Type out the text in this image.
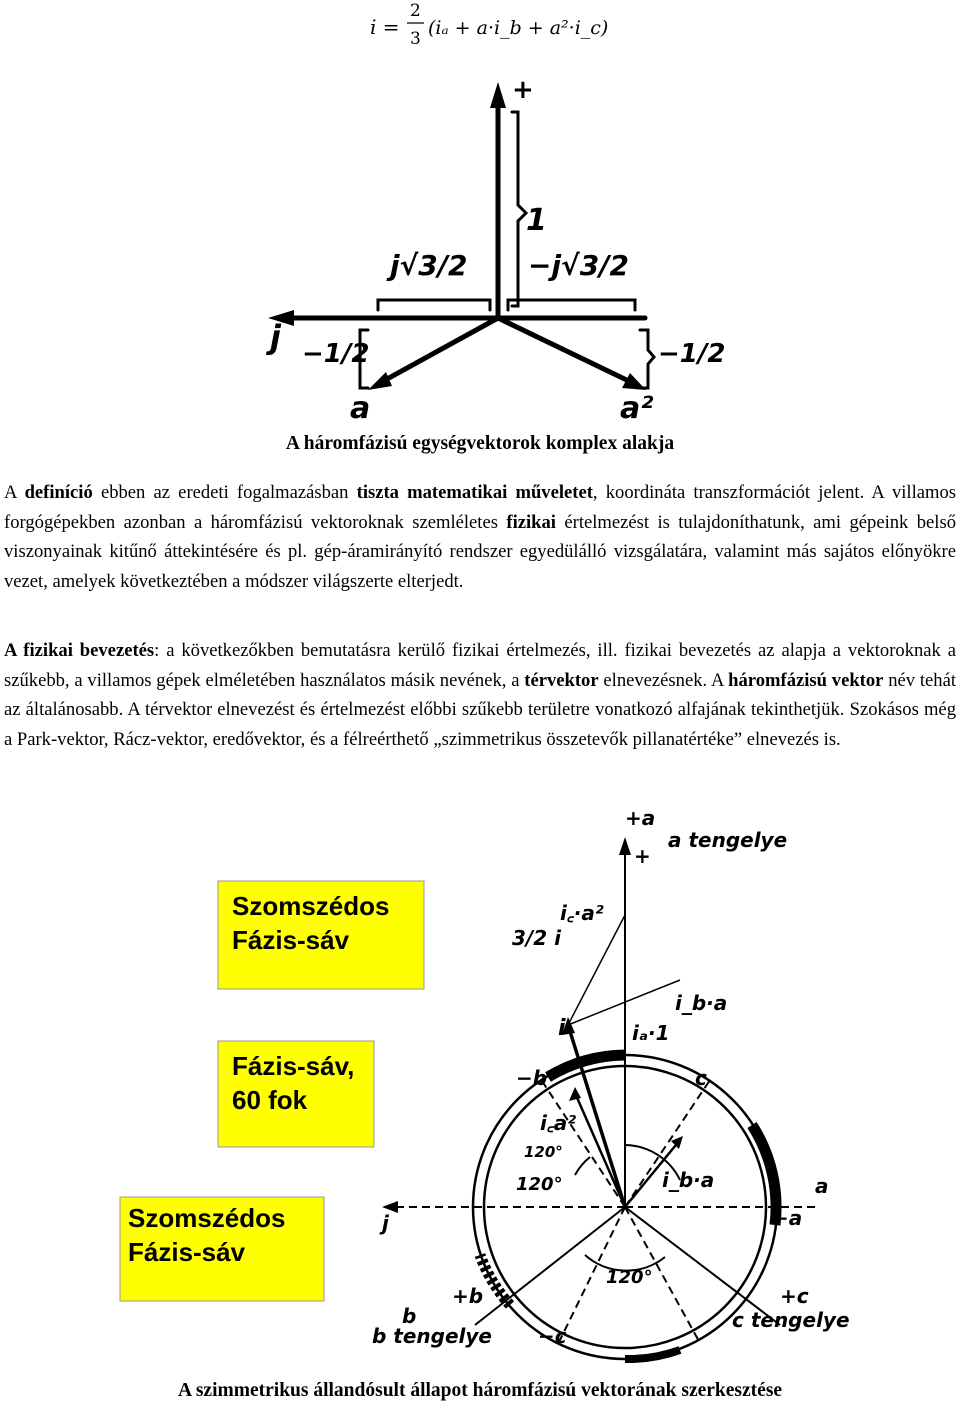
i =
2
3 (iₐ + a·i_b + a²·i_c)
+
1
j√3/2 −j√3/2
j −1/2	−1/2
a	a²
A háromfázisú egységvektorok komplex alakja
A definíció ebben az eredeti fogalmazásban tiszta matematikai műveletet, koordináta transzformációt jelent. A villamos forgógépekben azonban a háromfázisú vektoroknak szemléletes fizikai értelmezést is tulajdoníthatunk, ami gépeink belső viszonyainak kitűnő áttekintésére és pl. gép-áramirányító rendszer egyedülálló vizsgálatára, valamint más sajátos előnyökre vezet, amelyek következtében a módszer világszerte elterjedt.
A fizikai bevezetés: a következőkben bemutatásra kerülő fizikai értelmezés, ill. fizikai bevezetés az alapja a vektoroknak a szűkebb, a villamos gépek elméletében használatos másik nevének, a térvektor elnevezésnek. A háromfázisú vektor név tehát az általánosabb. A térvektor elnevezést és értelmezést előbbi szűkebb területre vonatkozó alfajának tekinthetjük. Szokásos még a Park-vektor, Rácz-vektor, eredővektor, és a félreérthető „szimmetrikus összetevők pillanatértéke” elnevezés is.
Szomszédos
Fázis-sáv
Fázis-sáv,
60 fok
Szomszédos
Fázis-sáv
+a
a tengelye
+
i꜀·a²
3/2 i
i_b·a
i	iₐ·1
−b	c
i꜀a²
120°
120°	i_b·a
j	−a
a
120°
+b
b
+c
−c
b tengelye
c tengelye
A szimmetrikus állandósult állapot háromfázisú vektorának szerkesztése
